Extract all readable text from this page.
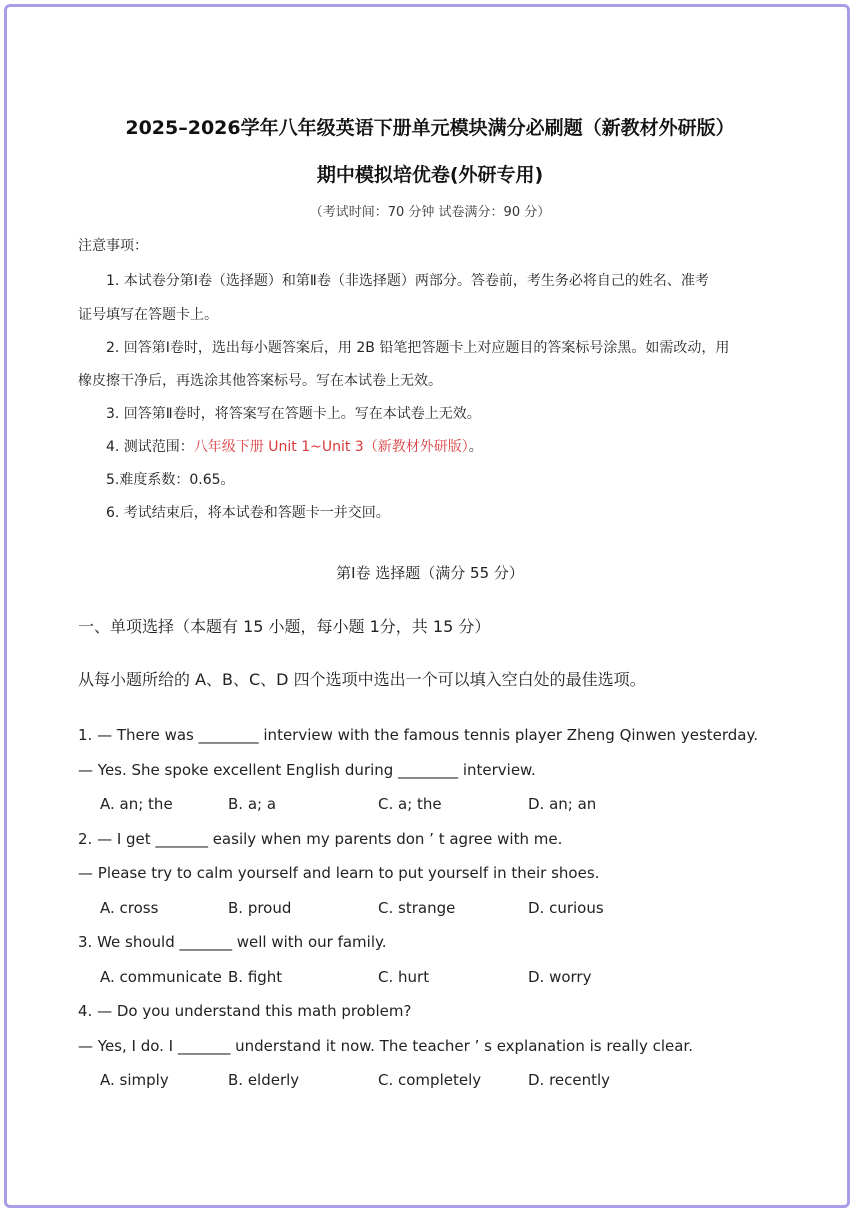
2025–2026学年八年级英语下册单元模块满分必刷题（新教材外研版）
期中模拟培优卷(外研专用)
（考试时间：70 分钟 试卷满分：90 分）
注意事项：
1. 本试卷分第Ⅰ卷（选择题）和第Ⅱ卷（非选择题）两部分。答卷前，考生务必将自己的姓名、准考
证号填写在答题卡上。
2. 回答第Ⅰ卷时，选出每小题答案后，用 2B 铅笔把答题卡上对应题目的答案标号涂黑。如需改动，用
橡皮擦干净后，再选涂其他答案标号。写在本试卷上无效。
3. 回答第Ⅱ卷时，将答案写在答题卡上。写在本试卷上无效。
4. 测试范围：八年级下册 Unit 1~Unit 3（新教材外研版）。
5.难度系数：0.65。
6. 考试结束后，将本试卷和答题卡一并交回。
第Ⅰ卷 选择题（满分 55 分）
一、单项选择（本题有 15 小题，每小题 1分，共 15 分）
从每小题所给的 A、B、C、D 四个选项中选出一个可以填入空白处的最佳选项。
1. — There was ________ interview with the famous tennis player Zheng Qinwen yesterday.
— Yes. She spoke excellent English during ________ interview.
A. an; the	B. a; a	C. a; the	D. an; an
2. — I get _______ easily when my parents don ’ t agree with me.
— Please try to calm yourself and learn to put yourself in their shoes.
A. cross	B. proud	C. strange	D. curious
3. We should _______ well with our family.
A. communicate B. fight	C. hurt	D. worry
4. — Do you understand this math problem?
— Yes, I do. I _______ understand it now. The teacher ’ s explanation is really clear.
A. simply	B. elderly	C. completely	D. recently
